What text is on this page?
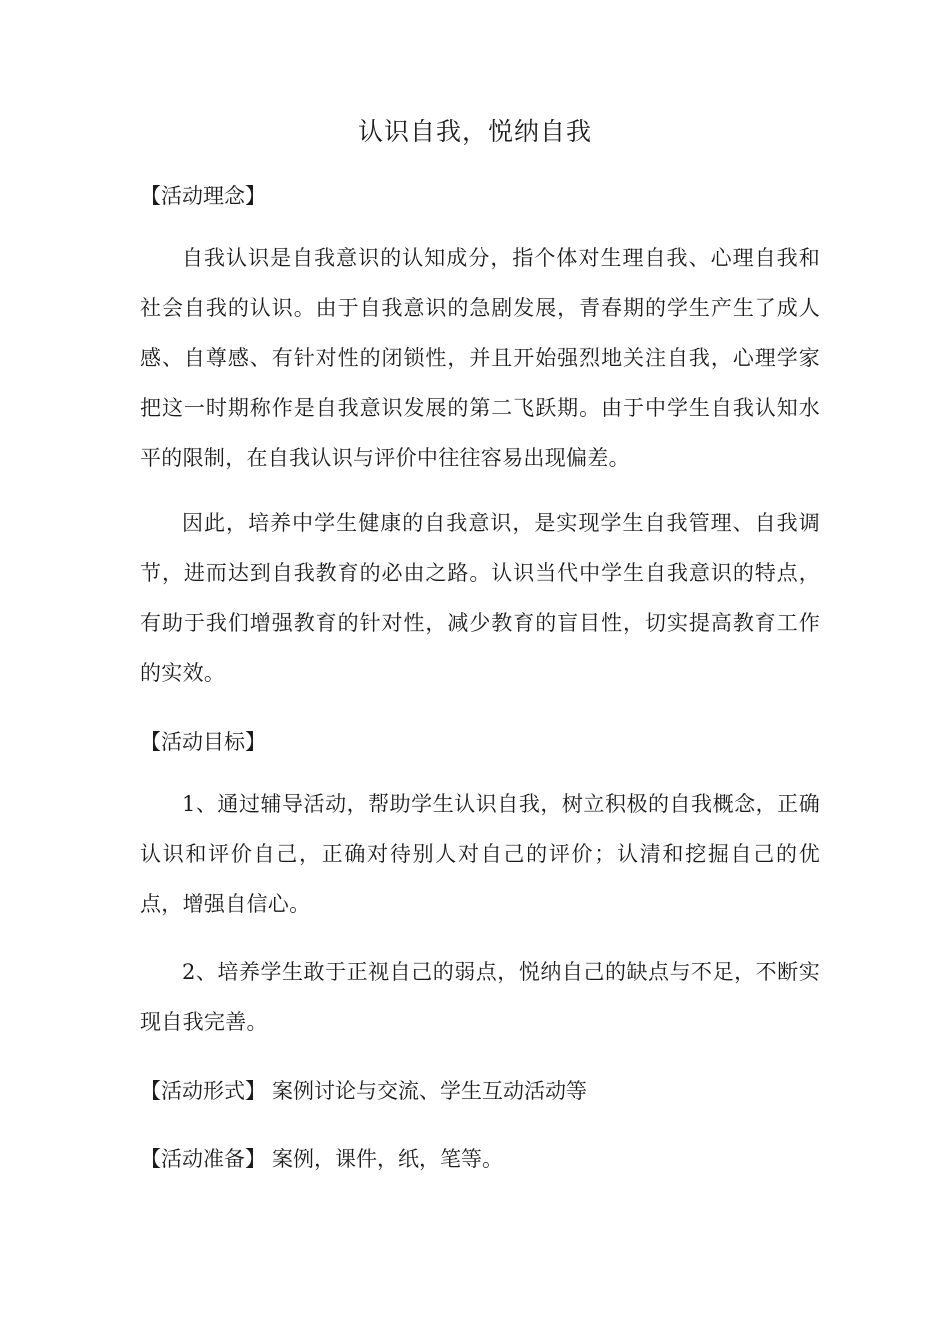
认识自我，悦纳自我
【活动理念】
自我认识是自我意识的认知成分，指个体对生理自我、心理自我和社会自我的认识。由于自我意识的急剧发展，青春期的学生产生了成人感、自尊感、有针对性的闭锁性，并且开始强烈地关注自我，心理学家把这一时期称作是自我意识发展的第二飞跃期。由于中学生自我认知水平的限制，在自我认识与评价中往往容易出现偏差。
因此，培养中学生健康的自我意识，是实现学生自我管理、自我调节，进而达到自我教育的必由之路。认识当代中学生自我意识的特点，有助于我们增强教育的针对性，减少教育的盲目性，切实提高教育工作的实效。
【活动目标】
1、通过辅导活动，帮助学生认识自我，树立积极的自我概念，正确认识和评价自己，正确对待别人对自己的评价；认清和挖掘自己的优点，增强自信心。
2、培养学生敢于正视自己的弱点，悦纳自己的缺点与不足，不断实现自我完善。
【活动形式】 案例讨论与交流、学生互动活动等
【活动准备】 案例，课件，纸，笔等。
